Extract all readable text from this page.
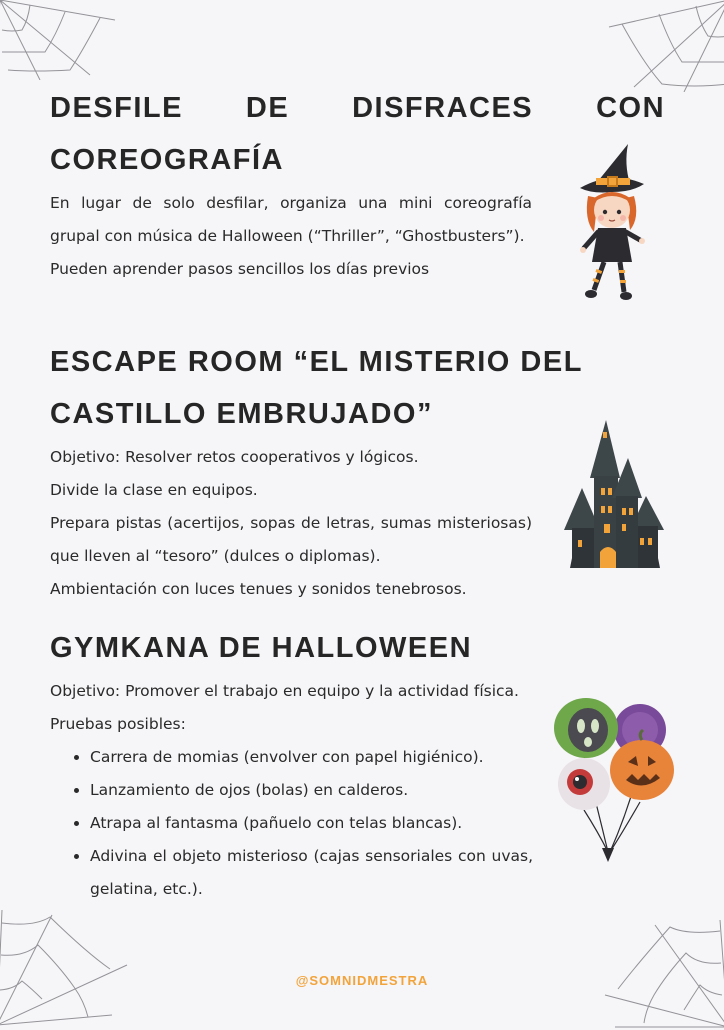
DESFILE DE DISFRACES CON
COREOGRAFÍA

En lugar de solo desfilar, organiza una mini coreografía grupal con música de Halloween (“Thriller”, “Ghostbusters”).

Pueden aprender pasos sencillos los días previos

ESCAPE ROOM “EL MISTERIO DEL
CASTILLO EMBRUJADO”

Objetivo: Resolver retos cooperativos y lógicos.

Divide la clase en equipos.

Prepara pistas (acertijos, sopas de letras, sumas misteriosas) que lleven al “tesoro” (dulces o diplomas).

Ambientación con luces tenues y sonidos tenebrosos.

GYMKANA DE HALLOWEEN

Objetivo: Promover el trabajo en equipo y la actividad física.

Pruebas posibles:

• Carrera de momias (envolver con papel higiénico).
• Lanzamiento de ojos (bolas) en calderos.
• Atrapa al fantasma (pañuelo con telas blancas).
• Adivina el objeto misterioso (cajas sensoriales con uvas, gelatina, etc.).
@SOMNIDMESTRA
